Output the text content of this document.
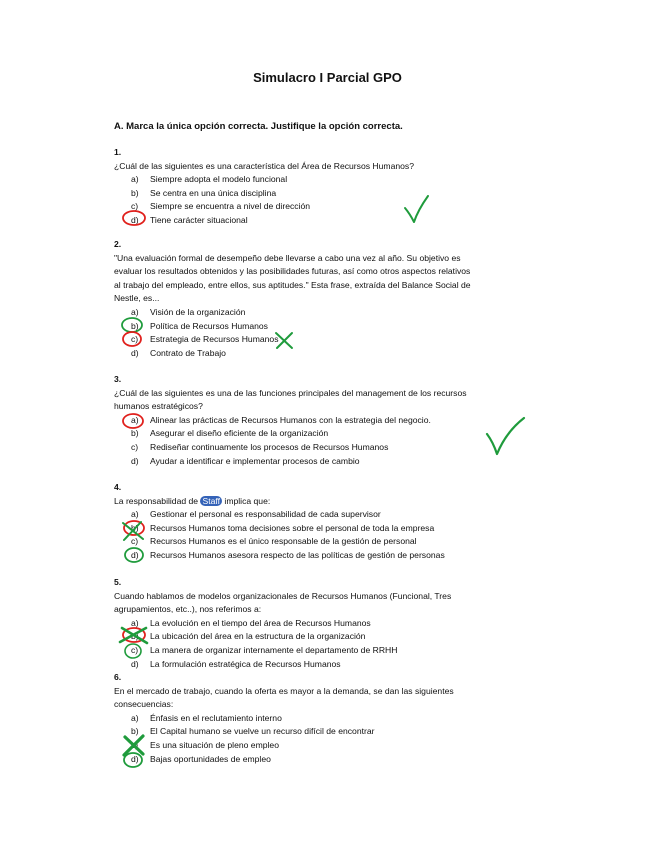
Simulacro I Parcial GPO
A. Marca la única opción correcta. Justifique la opción correcta.
1.
¿Cuál de las siguientes es una característica del Área de Recursos Humanos?
a) Siempre adopta el modelo funcional
b) Se centra en una única disciplina
c) Siempre se encuentra a nivel de dirección
d) Tiene carácter situacional
2.
"Una evaluación formal de desempeño debe llevarse a cabo una vez al año. Su objetivo es
evaluar los resultados obtenidos y las posibilidades futuras, así como otros aspectos relativos
al trabajo del empleado, entre ellos, sus aptitudes." Esta frase, extraída del Balance Social de
Nestle, es...
a) Visión de la organización
b) Política de Recursos Humanos
c) Estrategia de Recursos Humanos
d) Contrato de Trabajo
3.
¿Cuál de las siguientes es una de las funciones principales del management de los recursos
humanos estratégicos?
a) Alinear las prácticas de Recursos Humanos con la estrategia del negocio.
b) Asegurar el diseño eficiente de la organización
c) Rediseñar continuamente los procesos de Recursos Humanos
d) Ayudar a identificar e implementar procesos de cambio
4.
La responsabilidad de Staff implica que:
a) Gestionar el personal es responsabilidad de cada supervisor
b) Recursos Humanos toma decisiones sobre el personal de toda la empresa
c) Recursos Humanos es el único responsable de la gestión de personal
d) Recursos Humanos asesora respecto de las políticas de gestión de personas
5.
Cuando hablamos de modelos organizacionales de Recursos Humanos (Funcional, Tres
agrupamientos, etc..), nos referimos a:
a) La evolución en el tiempo del área de Recursos Humanos
b) La ubicación del área en la estructura de la organización
c) La manera de organizar internamente el departamento de RRHH
d) La formulación estratégica de Recursos Humanos
6.
En el mercado de trabajo, cuando la oferta es mayor a la demanda, se dan las siguientes
consecuencias:
a) Énfasis en el reclutamiento interno
b) El Capital humano se vuelve un recurso difícil de encontrar
c) Es una situación de pleno empleo
d) Bajas oportunidades de empleo
